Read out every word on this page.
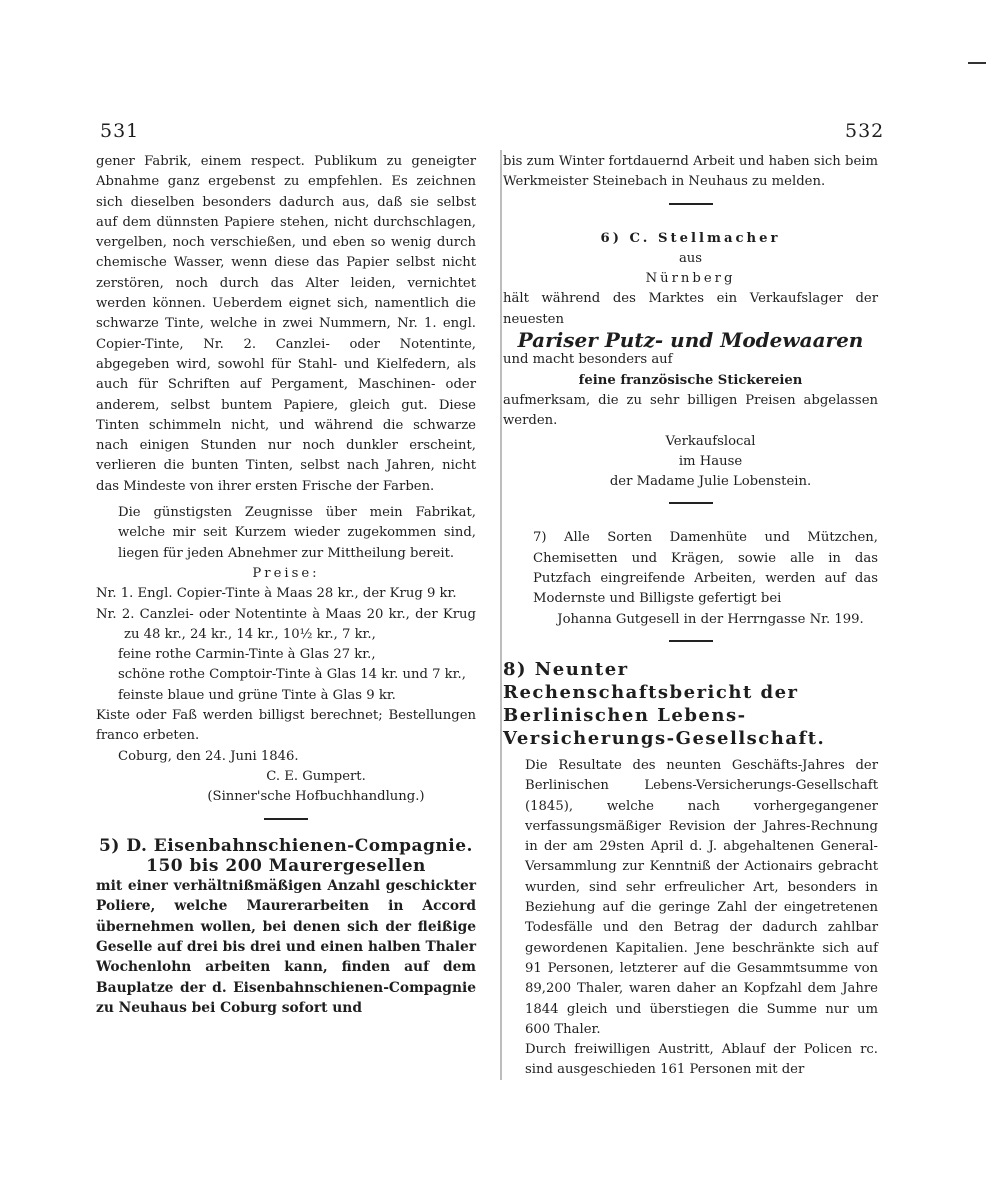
531	532

gener Fabrik, einem respect. Publikum zu geneigter Abnahme ganz ergebenst zu empfehlen. Es zeichnen sich dieselben besonders dadurch aus, daß sie selbst auf dem dünnsten Papiere stehen, nicht durchschlagen, vergelben, noch verschießen, und eben so wenig durch chemische Wasser, wenn diese das Papier selbst nicht zerstören, noch durch das Alter leiden, vernichtet werden können. Ueberdem eignet sich, namentlich die schwarze Tinte, welche in zwei Nummern, Nr. 1. engl. Copier-Tinte, Nr. 2. Canzlei- oder Notentinte, abgegeben wird, sowohl für Stahl- und Kielfedern, als auch für Schriften auf Pergament, Maschinen- oder anderem, selbst buntem Papiere, gleich gut. Diese Tinten schimmeln nicht, und während die schwarze nach einigen Stunden nur noch dunkler erscheint, verlieren die bunten Tinten, selbst nach Jahren, nicht das Mindeste von ihrer ersten Frische der Farben.

Die günstigsten Zeugnisse über mein Fabrikat, welche mir seit Kurzem wieder zugekommen sind, liegen für jeden Abnehmer zur Mittheilung bereit.

Preise:

Nr. 1. Engl. Copier-Tinte à Maas 28 kr., der Krug 9 kr.

Nr. 2. Canzlei- oder Notentinte à Maas 20 kr., der Krug zu 48 kr., 24 kr., 14 kr., 10½ kr., 7 kr.,

feine rothe Carmin-Tinte à Glas 27 kr.,

schöne rothe Comptoir-Tinte à Glas 14 kr. und 7 kr.,

feinste blaue und grüne Tinte à Glas 9 kr.

Kiste oder Faß werden billigst berechnet; Bestellungen franco erbeten.

Coburg, den 24. Juni 1846.

C. E. Gumpert.

(Sinner'sche Hofbuchhandlung.)

5) D. Eisenbahnschienen-Compagnie.

150 bis 200 Maurergesellen

mit einer verhältnißmäßigen Anzahl geschickter Poliere, welche Maurerarbeiten in Accord übernehmen wollen, bei denen sich der fleißige Geselle auf drei bis drei und einen halben Thaler Wochenlohn arbeiten kann, finden auf dem Bauplatze der d. Eisenbahnschienen-Compagnie zu Neuhaus bei Coburg sofort und

bis zum Winter fortdauernd Arbeit und haben sich beim Werkmeister Steinebach in Neuhaus zu melden.

6) C. Stellmacher

aus

Nürnberg

hält während des Marktes ein Verkaufslager der neuesten

Pariser Putz- und Modewaaren

und macht besonders auf

feine französische Stickereien

aufmerksam, die zu sehr billigen Preisen abgelassen werden.

Verkaufslocal

im Hause

der Madame Julie Lobenstein.

7) Alle Sorten Damenhüte und Mützchen, Chemisetten und Krägen, sowie alle in das Putzfach eingreifende Arbeiten, werden auf das Modernste und Billigste gefertigt bei

Johanna Gutgesell in der Herrngasse Nr. 199.

8) Neunter Rechenschaftsbericht der Berlinischen Lebens-Versicherungs-Gesellschaft.

Die Resultate des neunten Geschäfts-Jahres der Berlinischen Lebens-Versicherungs-Gesellschaft (1845), welche nach vorhergegangener verfassungsmäßiger Revision der Jahres-Rechnung in der am 29sten April d. J. abgehaltenen General-Versammlung zur Kenntniß der Actionairs gebracht wurden, sind sehr erfreulicher Art, besonders in Beziehung auf die geringe Zahl der eingetretenen Todesfälle und den Betrag der dadurch zahlbar gewordenen Kapitalien. Jene beschränkte sich auf 91 Personen, letzterer auf die Gesammtsumme von 89,200 Thaler, waren daher an Kopfzahl dem Jahre 1844 gleich und überstiegen die Summe nur um 600 Thaler.

Durch freiwilligen Austritt, Ablauf der Policen rc. sind ausgeschieden 161 Personen mit der
